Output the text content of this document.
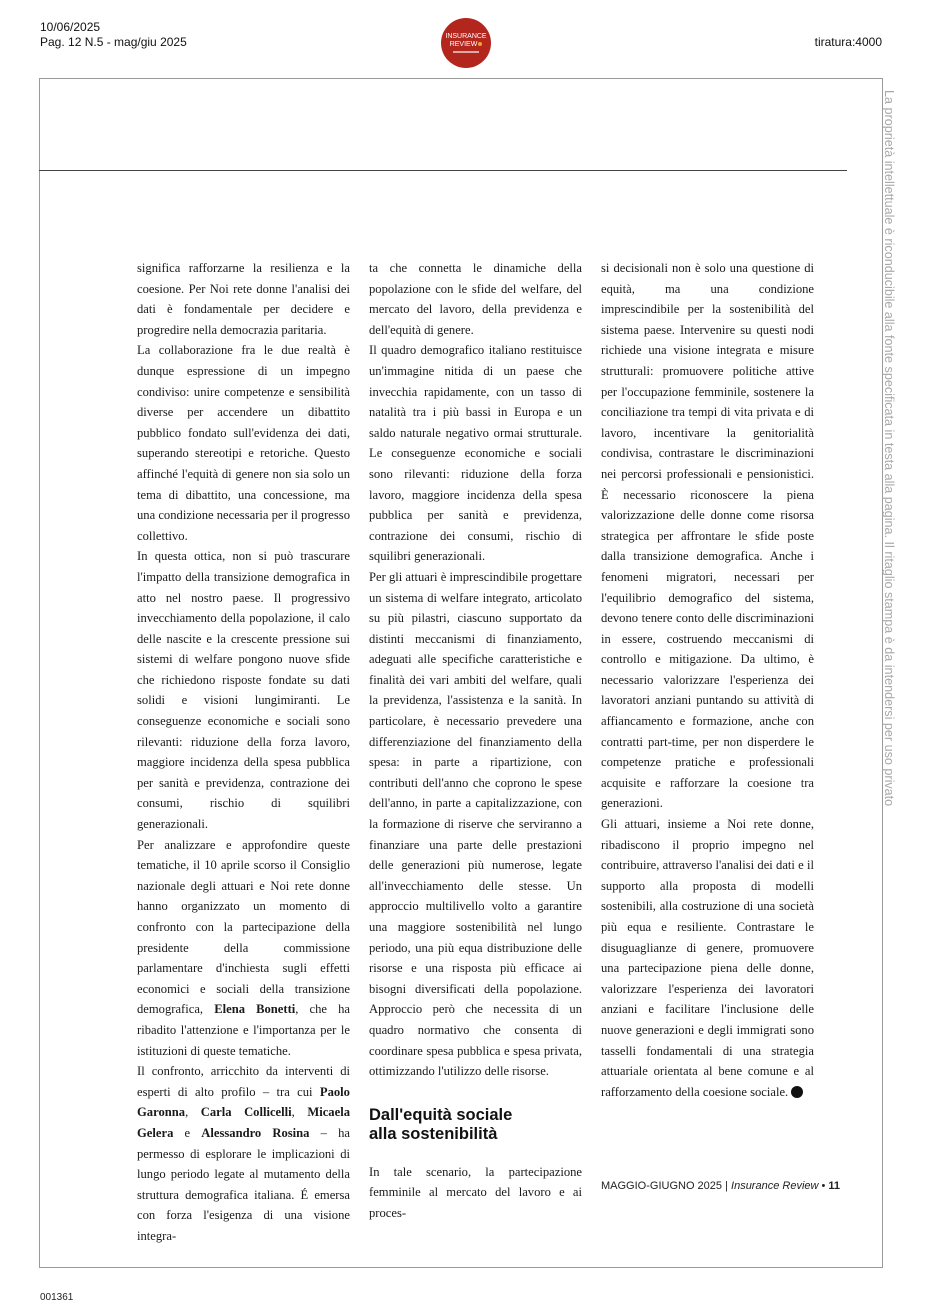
10/06/2025
Pag. 12 N.5 - mag/giu 2025	tiratura:4000
INSURANCE
REVIEW
La proprietà intellettuale è riconducibile alla fonte specificata in testa alla pagina. Il ritaglio stampa è da intendersi per uso privato

significa rafforzarne la resilienza e la coesione. Per Noi rete donne l'analisi dei dati è fondamentale per decidere e progredire nella democrazia paritaria.

La collaborazione fra le due realtà è dunque espressione di un impegno condiviso: unire competenze e sensibilità diverse per accendere un dibattito pubblico fondato sull'evidenza dei dati, superando stereotipi e retoriche. Questo affinché l'equità di genere non sia solo un tema di dibattito, una concessione, ma una condizione necessaria per il progresso collettivo.

In questa ottica, non si può trascurare l'impatto della transizione demografica in atto nel nostro paese. Il progressivo invecchiamento della popolazione, il calo delle nascite e la crescente pressione sui sistemi di welfare pongono nuove sfide che richiedono risposte fondate su dati solidi e visioni lungimiranti. Le conseguenze economiche e sociali sono rilevanti: riduzione della forza lavoro, maggiore incidenza della spesa pubblica per sanità e previdenza, contrazione dei consumi, rischio di squilibri generazionali.

Per analizzare e approfondire queste tematiche, il 10 aprile scorso il Consiglio nazionale degli attuari e Noi rete donne hanno organizzato un momento di confronto con la partecipazione della presidente della commissione parlamentare d'inchiesta sugli effetti economici e sociali della transizione demografica, Elena Bonetti, che ha ribadito l'attenzione e l'importanza per le istituzioni di queste tematiche.

Il confronto, arricchito da interventi di esperti di alto profilo – tra cui Paolo Garonna, Carla Collicelli, Micaela Gelera e Alessandro Rosina – ha permesso di esplorare le implicazioni di lungo periodo legate al mutamento della struttura demografica italiana. É emersa con forza l'esigenza di una visione integra-

ta che connetta le dinamiche della popolazione con le sfide del welfare, del mercato del lavoro, della previdenza e dell'equità di genere.

Il quadro demografico italiano restituisce un'immagine nitida di un paese che invecchia rapidamente, con un tasso di natalità tra i più bassi in Europa e un saldo naturale negativo ormai strutturale. Le conseguenze economiche e sociali sono rilevanti: riduzione della forza lavoro, maggiore incidenza della spesa pubblica per sanità e previdenza, contrazione dei consumi, rischio di squilibri generazionali.

Per gli attuari è imprescindibile progettare un sistema di welfare integrato, articolato su più pilastri, ciascuno supportato da distinti meccanismi di finanziamento, adeguati alle specifiche caratteristiche e finalità dei vari ambiti del welfare, quali la previdenza, l'assistenza e la sanità. In particolare, è necessario prevedere una differenziazione del finanziamento della spesa: in parte a ripartizione, con contributi dell'anno che coprono le spese dell'anno, in parte a capitalizzazione, con la formazione di riserve che serviranno a finanziare una parte delle prestazioni delle generazioni più numerose, legate all'invecchiamento delle stesse. Un approccio multilivello volto a garantire una maggiore sostenibilità nel lungo periodo, una più equa distribuzione delle risorse e una risposta più efficace ai bisogni diversificati della popolazione. Approccio però che necessita di un quadro normativo che consenta di coordinare spesa pubblica e spesa privata, ottimizzando l'utilizzo delle risorse.

Dall'equità sociale
alla sostenibilità

In tale scenario, la partecipazione femminile al mercato del lavoro e ai proces-

si decisionali non è solo una questione di equità, ma una condizione imprescindibile per la sostenibilità del sistema paese. Intervenire su questi nodi richiede una visione integrata e misure strutturali: promuovere politiche attive per l'occupazione femminile, sostenere la conciliazione tra tempi di vita privata e di lavoro, incentivare la genitorialità condivisa, contrastare le discriminazioni nei percorsi professionali e pensionistici. È necessario riconoscere la piena valorizzazione delle donne come risorsa strategica per affrontare le sfide poste dalla transizione demografica. Anche i fenomeni migratori, necessari per l'equilibrio demografico del sistema, devono tenere conto delle discriminazioni in essere, costruendo meccanismi di controllo e mitigazione. Da ultimo, è necessario valorizzare l'esperienza dei lavoratori anziani puntando su attività di affiancamento e formazione, anche con contratti part-time, per non disperdere le competenze pratiche e professionali acquisite e rafforzare la coesione tra generazioni.

Gli attuari, insieme a Noi rete donne, ribadiscono il proprio impegno nel contribuire, attraverso l'analisi dei dati e il supporto alla proposta di modelli sostenibili, alla costruzione di una società più equa e resiliente. Contrastare le disuguaglianze di genere, promuovere una partecipazione piena delle donne, valorizzare l'esperienza dei lavoratori anziani e facilitare l'inclusione delle nuove generazioni e degli immigrati sono tasselli fondamentali di una strategia attuariale orientata al bene comune e al rafforzamento della coesione sociale.

MAGGIO-GIUGNO 2025 | Insurance Review • 11
001361
